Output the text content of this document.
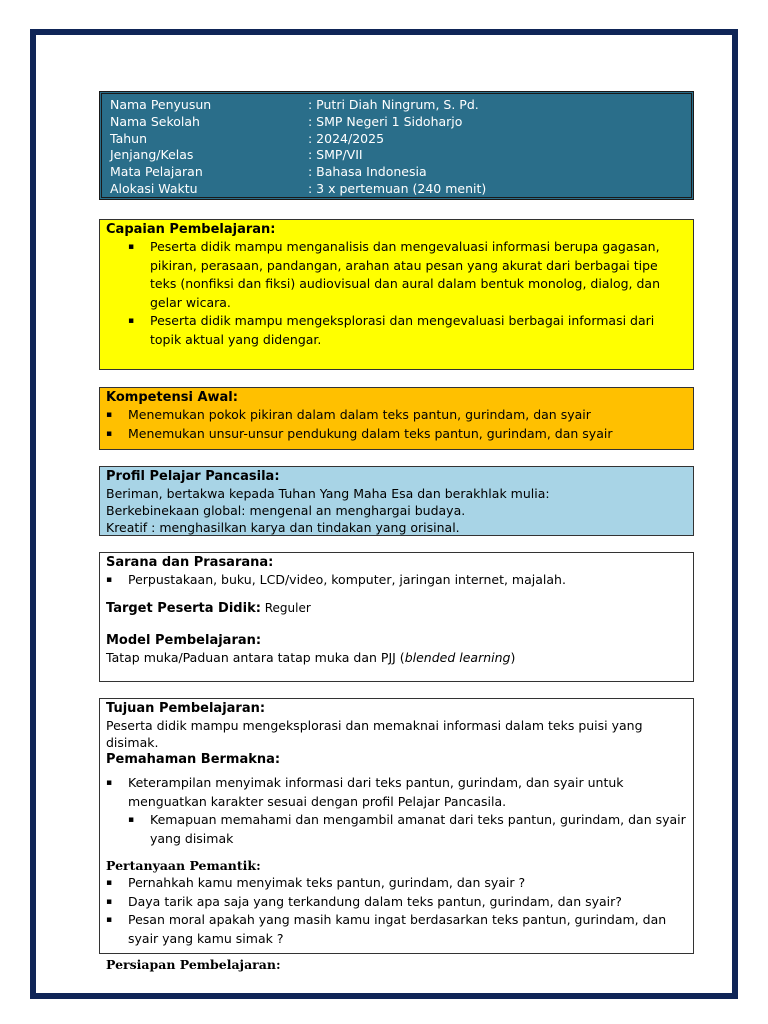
Nama Penyusun	: Putri Diah Ningrum, S. Pd.
Nama Sekolah	: SMP Negeri 1 Sidoharjo
Tahun	: 2024/2025
Jenjang/Kelas	: SMP/VII
Mata Pelajaran	: Bahasa Indonesia
Alokasi Waktu	: 3 x pertemuan (240 menit)
Capaian Pembelajaran:
▪	Peserta didik mampu menganalisis dan mengevaluasi informasi berupa gagasan, pikiran, perasaan, pandangan, arahan atau pesan yang akurat dari berbagai tipe teks (nonfiksi dan fiksi) audiovisual dan aural dalam bentuk monolog, dialog, dan gelar wicara.
▪	Peserta didik mampu mengeksplorasi dan mengevaluasi berbagai informasi dari topik aktual yang didengar.
Kompetensi Awal:
▪	Menemukan pokok pikiran dalam dalam teks pantun, gurindam, dan syair
▪	Menemukan unsur-unsur pendukung dalam teks pantun, gurindam, dan syair
Profil Pelajar Pancasila:
Beriman, bertakwa kepada Tuhan Yang Maha Esa dan berakhlak mulia:
Berkebinekaan global: mengenal an menghargai budaya.
Kreatif : menghasilkan karya dan tindakan yang orisinal.
Sarana dan Prasarana:
▪	Perpustakaan, buku, LCD/video, komputer, jaringan internet, majalah.
Target Peserta Didik: Reguler
Model Pembelajaran:
Tatap muka/Paduan antara tatap muka dan PJJ (blended learning)
Tujuan Pembelajaran:
Peserta didik mampu mengeksplorasi dan memaknai informasi dalam teks puisi yang disimak.
Pemahaman Bermakna:
▪	Keterampilan menyimak informasi dari teks pantun, gurindam, dan syair untuk menguatkan karakter sesuai dengan profil Pelajar Pancasila.
▪	Kemapuan memahami dan mengambil amanat dari teks pantun, gurindam, dan syair yang disimak
Pertanyaan Pemantik:
▪	Pernahkah kamu menyimak teks pantun, gurindam, dan syair ?
▪	Daya tarik apa saja yang terkandung dalam teks pantun, gurindam, dan syair?
▪	Pesan moral apakah yang masih kamu ingat berdasarkan teks pantun, gurindam, dan syair yang kamu simak ?
Persiapan Pembelajaran:
